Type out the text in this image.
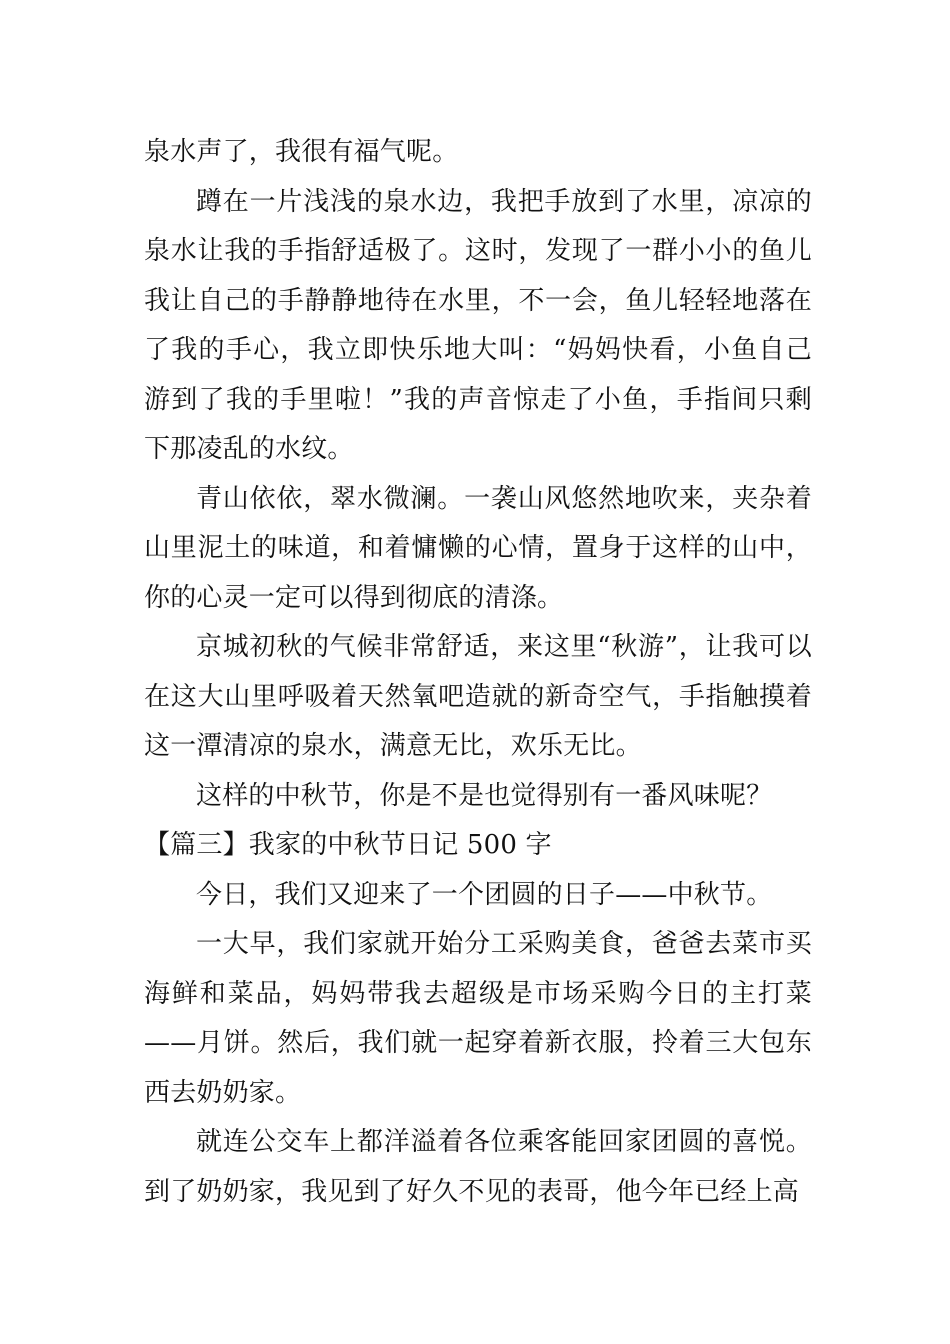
泉水声了，我很有福气呢。

蹲在一片浅浅的泉水边，我把手放到了水里，凉凉的泉水让我的手指舒适极了。这时，发现了一群小小的鱼儿我让自己的手静静地待在水里，不一会，鱼儿轻轻地落在了我的手心，我立即快乐地大叫：“妈妈快看，小鱼自己游到了我的手里啦！”我的声音惊走了小鱼，手指间只剩下那凌乱的水纹。

青山依依，翠水微澜。一袭山风悠然地吹来，夹杂着山里泥土的味道，和着慵懒的心情，置身于这样的山中，你的心灵一定可以得到彻底的清涤。

京城初秋的气候非常舒适，来这里“秋游”，让我可以在这大山里呼吸着天然氧吧造就的新奇空气，手指触摸着这一潭清凉的泉水，满意无比，欢乐无比。

这样的中秋节，你是不是也觉得别有一番风味呢？

【篇三】我家的中秋节日记 500 字

今日，我们又迎来了一个团圆的日子——中秋节。

一大早，我们家就开始分工采购美食，爸爸去菜市买海鲜和菜品，妈妈带我去超级是市场采购今日的主打菜——月饼。然后，我们就一起穿着新衣服，拎着三大包东西去奶奶家。

就连公交车上都洋溢着各位乘客能回家团圆的喜悦。到了奶奶家，我见到了好久不见的表哥，他今年已经上高
